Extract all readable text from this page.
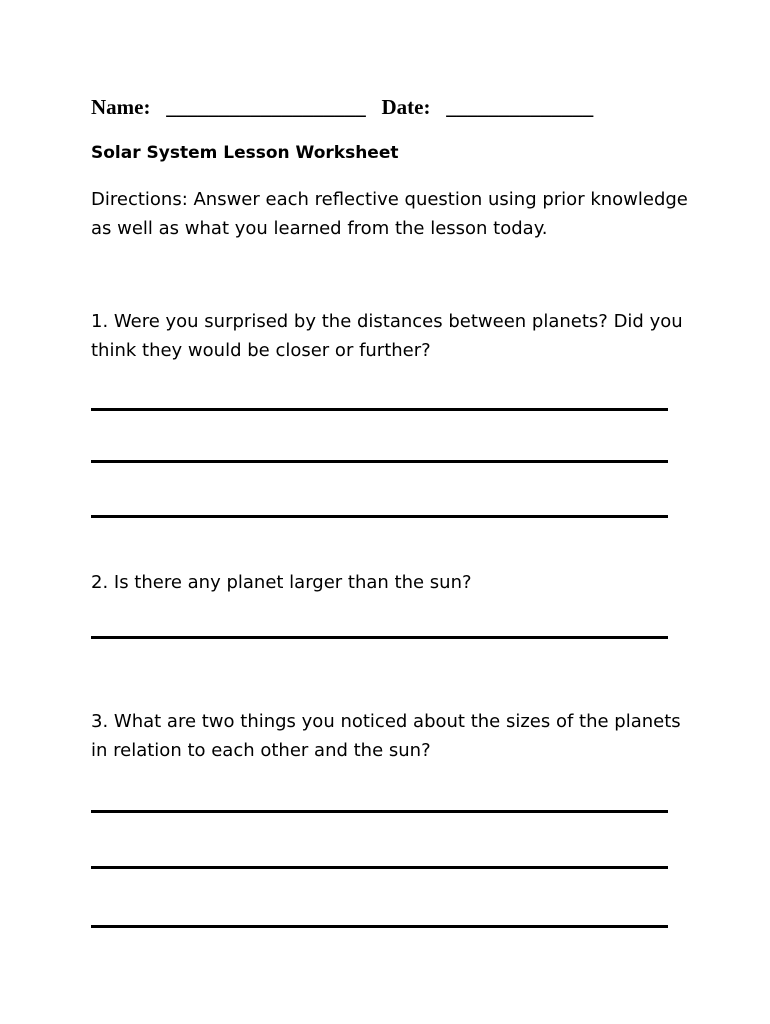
Name: ___________________ Date: ______________
Solar System Lesson Worksheet

Directions: Answer each reflective question using prior knowledge as well as what you learned from the lesson today.

1. Were you surprised by the distances between planets? Did you think they would be closer or further?

2. Is there any planet larger than the sun?

3. What are two things you noticed about the sizes of the planets in relation to each other and the sun?
